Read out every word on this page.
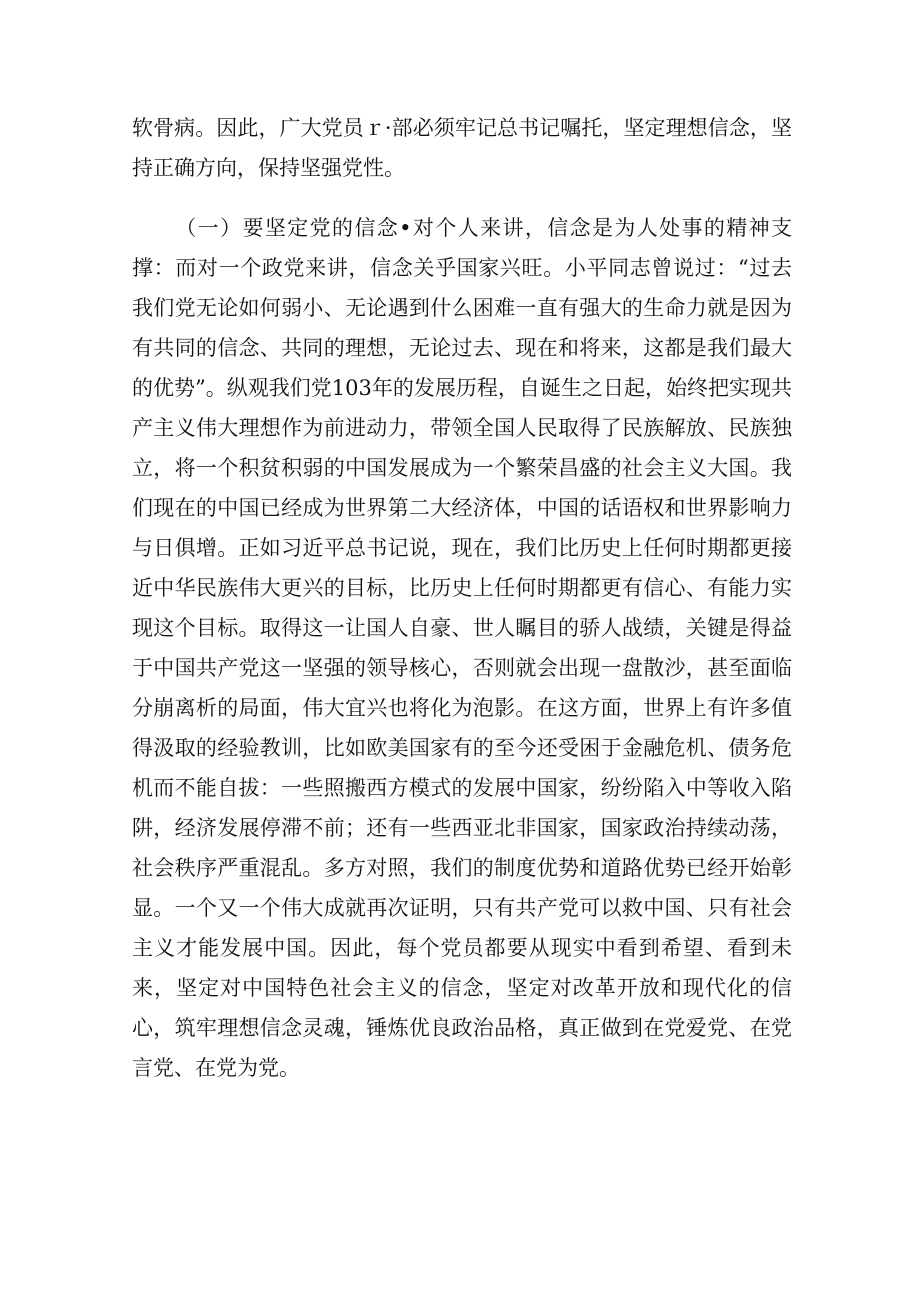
软骨病。因此，广大党员ｒ·部必须牢记总书记嘱托，坚定理想信念，坚持正确方向，保持坚强党性。

（一）要坚定党的信念•对个人来讲，信念是为人处事的精神支撑：而对一个政党来讲，信念关乎国家兴旺。小平同志曾说过：“过去我们党无论如何弱小、无论遇到什么困难一直有强大的生命力就是因为有共同的信念、共同的理想，无论过去、现在和将来，这都是我们最大的优势”。纵观我们党103年的发展历程，自诞生之日起，始终把实现共产主义伟大理想作为前进动力，带领全国人民取得了民族解放、民族独立，将一个积贫积弱的中国发展成为一个繁荣昌盛的社会主义大国。我们现在的中国已经成为世界第二大经济体，中国的话语权和世界影响力与日俱增。正如习近平总书记说，现在，我们比历史上任何时期都更接近中华民族伟大更兴的目标，比历史上任何时期都更有信心、有能力实现这个目标。取得这一让国人自豪、世人瞩目的骄人战绩，关键是得益于中国共产党这一坚强的领导核心，否则就会出现一盘散沙，甚至面临分崩离析的局面，伟大宜兴也将化为泡影。在这方面，世界上有许多值得汲取的经验教训，比如欧美国家有的至今还受困于金融危机、债务危机而不能自拔：一些照搬西方模式的发展中国家，纷纷陷入中等收入陷阱，经济发展停滞不前；还有一些西亚北非国家，国家政治持续动荡，社会秩序严重混乱。多方对照，我们的制度优势和道路优势已经开始彰显。一个又一个伟大成就再次证明，只有共产党可以救中国、只有社会主义才能发展中国。因此，每个党员都要从现实中看到希望、看到未来，坚定对中国特色社会主义的信念，坚定对改革开放和现代化的信心，筑牢理想信念灵魂，锤炼优良政治品格，真正做到在党爱党、在党言党、在党为党。
